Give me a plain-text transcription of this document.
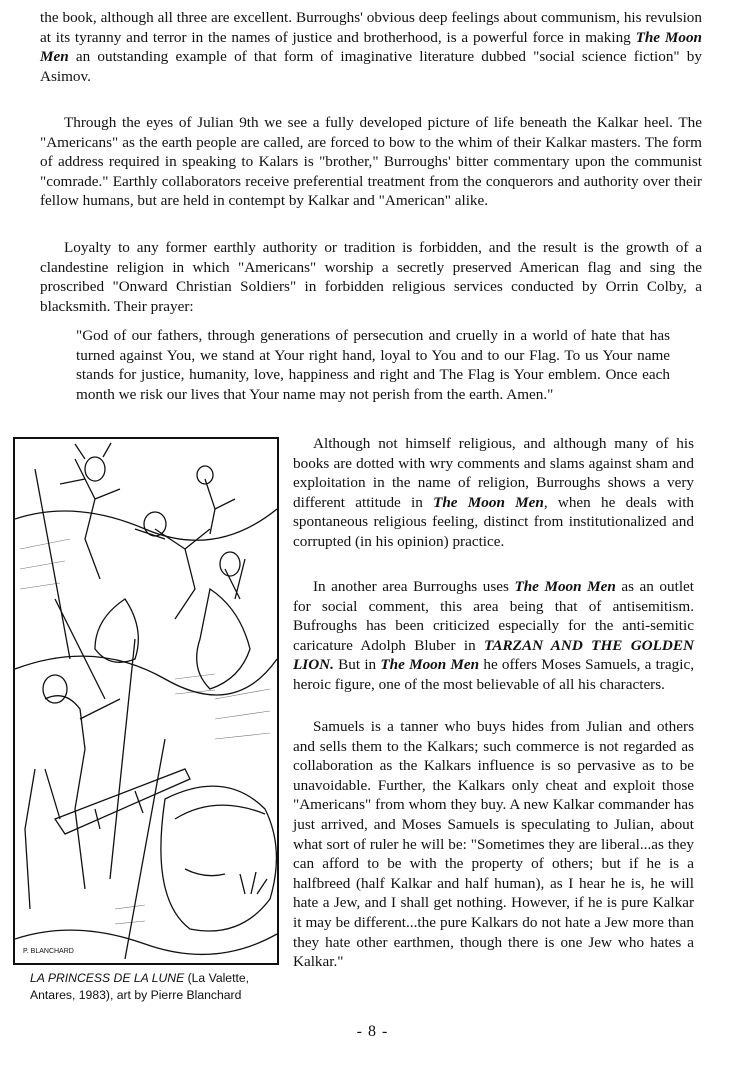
the book, although all three are excellent. Burroughs' obvious deep feelings about communism, his revulsion at its tyranny and terror in the names of justice and brotherhood, is a powerful force in making The Moon Men an outstanding example of that form of imaginative literature dubbed "social science fiction" by Asimov.

Through the eyes of Julian 9th we see a fully developed picture of life beneath the Kalkar heel. The "Americans" as the earth people are called, are forced to bow to the whim of their Kalkar masters. The form of address required in speaking to Kalars is "brother," Burroughs' bitter commentary upon the communist "comrade." Earthly collaborators receive preferential treatment from the conquerors and authority over their fellow humans, but are held in contempt by Kalkar and "American" alike.

Loyalty to any former earthly authority or tradition is forbidden, and the result is the growth of a clandestine religion in which "Americans" worship a secretly preserved American flag and sing the proscribed "Onward Christian Soldiers" in forbidden religious services conducted by Orrin Colby, a blacksmith. Their prayer:

"God of our fathers, through generations of persecution and cruelly in a world of hate that has turned against You, we stand at Your right hand, loyal to You and to our Flag. To us Your name stands for justice, humanity, love, happiness and right and The Flag is Your emblem. Once each month we risk our lives that Your name may not perish from the earth. Amen."

P. BLANCHARD
LA PRINCESS DE LA LUNE (La Valette, Antares, 1983), art by Pierre Blanchard

Although not himself religious, and although many of his books are dotted with wry comments and slams against sham and exploitation in the name of religion, Burroughs shows a very different attitude in The Moon Men, when he deals with spontaneous religious feeling, distinct from institutionalized and corrupted (in his opinion) practice.

In another area Burroughs uses The Moon Men as an outlet for social comment, this area being that of antisemitism. Bufroughs has been criticized especially for the anti-semitic caricature Adolph Bluber in TARZAN AND THE GOLDEN LION. But in The Moon Men he offers Moses Samuels, a tragic, heroic figure, one of the most believable of all his characters.

Samuels is a tanner who buys hides from Julian and others and sells them to the Kalkars; such commerce is not regarded as collaboration as the Kalkars influence is so pervasive as to be unavoidable. Further, the Kalkars only cheat and exploit those "Americans" from whom they buy. A new Kalkar commander has just arrived, and Moses Samuels is speculating to Julian, about what sort of ruler he will be: "Sometimes they are liberal...as they can afford to be with the property of others; but if he is a halfbreed (half Kalkar and half human), as I hear he is, he will hate a Jew, and I shall get nothing. However, if he is pure Kalkar it may be different...the pure Kalkars do not hate a Jew more than they hate other earthmen, though there is one Jew who hates a Kalkar."

- 8 -
